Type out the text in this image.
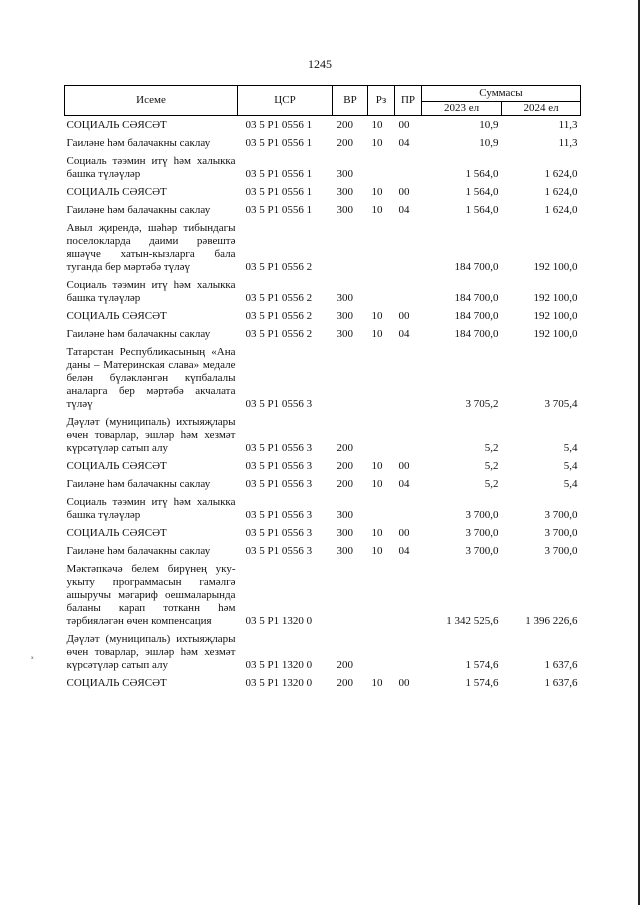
1245
Исеме	ЦСР	ВР	Рз	ПР	Суммасы	
					2023 ел	2024 ел
СОЦИАЛЬ СӘЯСӘТ	03 5 P1 0556 1	200	10	00	10,9	11,3
Гаиләне һәм балачакны саклау	03 5 P1 0556 1	200	10	04	10,9	11,3
Социаль тәэмин итү һәм халыкка башка түләүләр	03 5 P1 0556 1	300			1 564,0	1 624,0
СОЦИАЛЬ СӘЯСӘТ	03 5 P1 0556 1	300	10	00	1 564,0	1 624,0
Гаиләне һәм балачакны саклау	03 5 P1 0556 1	300	10	04	1 564,0	1 624,0
Авыл җирендә, шәһәр тибындагы поселокларда даими рәвештә яшәүче хатын-кызларга бала туганда бер мәртәбә түләү	03 5 P1 0556 2				184 700,0	192 100,0
Социаль тәэмин итү һәм халыкка башка түләүләр	03 5 P1 0556 2	300			184 700,0	192 100,0
СОЦИАЛЬ СӘЯСӘТ	03 5 P1 0556 2	300	10	00	184 700,0	192 100,0
Гаиләне һәм балачакны саклау	03 5 P1 0556 2	300	10	04	184 700,0	192 100,0
Татарстан Республикасының «Ана даны – Материнская слава» медале белән бүләкләнгән күпбалалы аналарга бер мәртәбә акчалата түләү	03 5 P1 0556 3				3 705,2	3 705,4
Дәүләт (муниципаль) ихтыяҗлары өчен товарлар, эшләр һәм хезмәт күрсәтүләр сатып алу	03 5 P1 0556 3	200			5,2	5,4
СОЦИАЛЬ СӘЯСӘТ	03 5 P1 0556 3	200	10	00	5,2	5,4
Гаиләне һәм балачакны саклау	03 5 P1 0556 3	200	10	04	5,2	5,4
Социаль тәэмин итү һәм халыкка башка түләүләр	03 5 P1 0556 3	300			3 700,0	3 700,0
СОЦИАЛЬ СӘЯСӘТ	03 5 P1 0556 3	300	10	00	3 700,0	3 700,0
Гаиләне һәм балачакны саклау	03 5 P1 0556 3	300	10	04	3 700,0	3 700,0
Мәктәпкәчә белем бирүнең уку-укыту программасын гамәлгә ашыручы мәгариф оешмаларында баланы карап тотканн һәм тәрбияләгән өчен компенсация	03 5 P1 1320 0				1 342 525,6	1 396 226,6
Дәүләт (муниципаль) ихтыяҗлары өчен товарлар, эшләр һәм хезмәт күрсәтүләр сатып алу	03 5 P1 1320 0	200			1 574,6	1 637,6
СОЦИАЛЬ СӘЯСӘТ	03 5 P1 1320 0	200	10	00	1 574,6	1 637,6
ₓ
